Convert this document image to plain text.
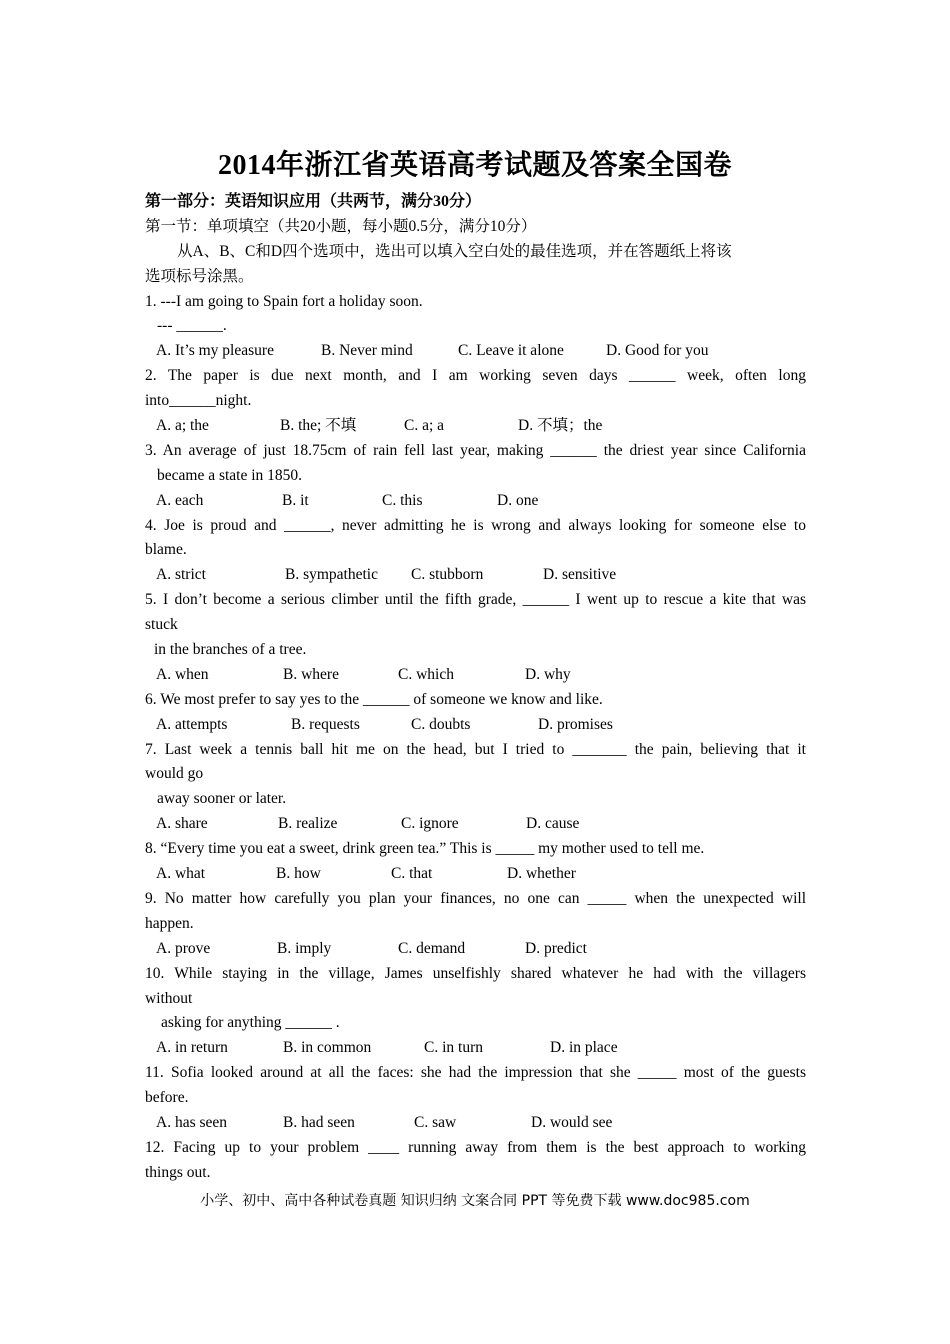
2014年浙江省英语高考试题及答案全国卷
第一部分：英语知识应用（共两节，满分30分）
第一节：单项填空（共20小题，每小题0.5分，满分10分）
从A、B、C和D四个选项中，选出可以填入空白处的最佳选项，并在答题纸上将该
选项标号涂黑。
1. ---I am going to Spain fort a holiday soon.
--- ______.
A. It’s my pleasure	B. Never mind	C. Leave it alone	D. Good for you
2. The paper is due next month, and I am working seven days ______ week, often long
into______night.
A. a; the	B. the; 不填	C. a; a	D. 不填；the
3. An average of just 18.75cm of rain fell last year, making ______ the driest year since California
became a state in 1850.
A. each	B. it	C. this	D. one
4. Joe is proud and ______, never admitting he is wrong and always looking for someone else to
blame.
A. strict	B. sympathetic	C. stubborn	D. sensitive
5. I don’t become a serious climber until the fifth grade, ______ I went up to rescue a kite that was
stuck
in the branches of a tree.
A. when	B. where	C. which	D. why
6. We most prefer to say yes to the ______ of someone we know and like.
A. attempts	B. requests	C. doubts	D. promises
7. Last week a tennis ball hit me on the head, but I tried to _______ the pain, believing that it
would go
away sooner or later.
A. share	B. realize	C. ignore	D. cause
8. “Every time you eat a sweet, drink green tea.” This is _____ my mother used to tell me.
A. what	B. how	C. that	D. whether
9. No matter how carefully you plan your finances, no one can _____ when the unexpected will
happen.
A. prove	B. imply	C. demand	D. predict
10. While staying in the village, James unselfishly shared whatever he had with the villagers
without
asking for anything ______ .
A. in return	B. in common	C. in turn	D. in place
11. Sofia looked around at all the faces: she had the impression that she _____ most of the guests
before.
A. has seen	B. had seen	C. saw	D. would see
12. Facing up to your problem ____ running away from them is the best approach to working
things out.
小学、初中、高中各种试卷真题 知识归纳 文案合同 PPT 等免费下载 www.doc985.com
